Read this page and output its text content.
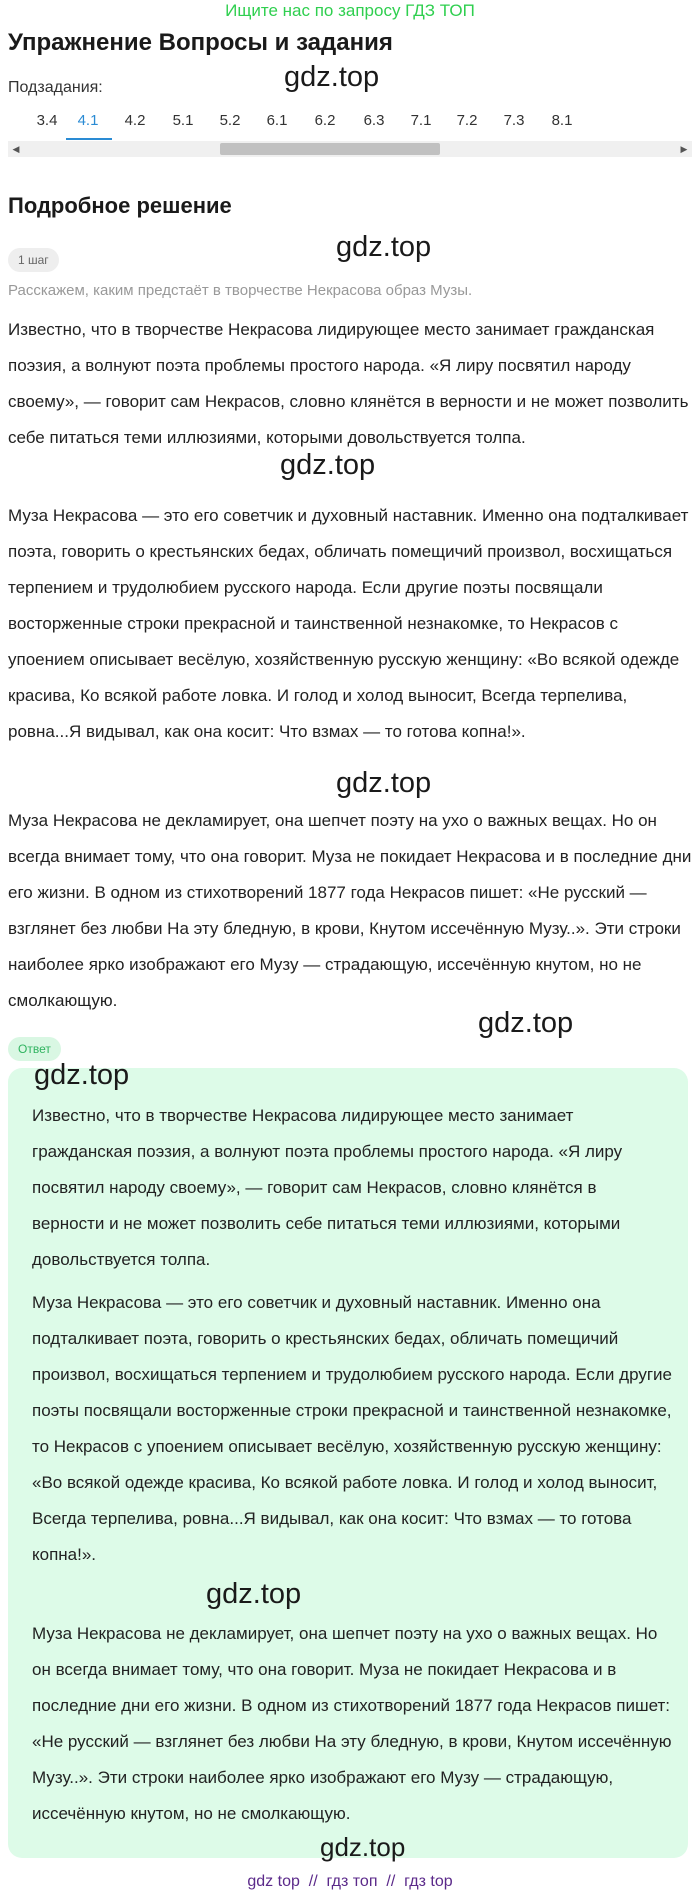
Ищите нас по запросу ГДЗ ТОП
Упражнение Вопросы и задания
Подзадания:
3.4	4.1	4.2	5.1	5.2	6.1	6.2	6.3	7.1	7.2	7.3	8.1
◀	▶
gdz.top
Подробное решение
1 шаг	gdz.top
Расскажем, каким предстаёт в творчестве Некрасова образ Музы.

Известно, что в творчестве Некрасова лидирующее место занимает гражданская поэзия, а волнуют поэта проблемы простого народа. «Я лиру посвятил народу своему», — говорит сам Некрасов, словно клянётся в верности и не может позволить себе питаться теми иллюзиями, которыми довольствуется толпа.

gdz.top

Муза Некрасова — это его советчик и духовный наставник. Именно она подталкивает поэта, говорить о крестьянских бедах, обличать помещичий произвол, восхищаться терпением и трудолюбием русского народа. Если другие поэты посвящали восторженные строки прекрасной и таинственной незнакомке, то Некрасов с упоением описывает весёлую, хозяйственную русскую женщину: «Во всякой одежде красива, Ко всякой работе ловка. И голод и холод выносит, Всегда терпелива, ровна...Я видывал, как она косит: Что взмах — то готова копна!».

gdz.top

Муза Некрасова не декламирует, она шепчет поэту на ухо о важных вещах. Но он всегда внимает тому, что она говорит. Муза не покидает Некрасова и в последние дни его жизни. В одном из стихотворений 1877 года Некрасов пишет: «Не русский — взглянет без любви На эту бледную, в крови, Кнутом иссечённую Музу..». Эти строки наиболее ярко изображают его Музу — страдающую, иссечённую кнутом, но не смолкающую.

gdz.top
Ответ
gdz.top

Известно, что в творчестве Некрасова лидирующее место занимает гражданская поэзия, а волнуют поэта проблемы простого народа. «Я лиру посвятил народу своему», — говорит сам Некрасов, словно клянётся в верности и не может позволить себе питаться теми иллюзиями, которыми довольствуется толпа.

Муза Некрасова — это его советчик и духовный наставник. Именно она подталкивает поэта, говорить о крестьянских бедах, обличать помещичий произвол, восхищаться терпением и трудолюбием русского народа. Если другие поэты посвящали восторженные строки прекрасной и таинственной незнакомке, то Некрасов с упоением описывает весёлую, хозяйственную русскую женщину: «Во всякой одежде красива, Ко всякой работе ловка. И голод и холод выносит, Всегда терпелива, ровна...Я видывал, как она косит: Что взмах — то готова копна!».

gdz.top

Муза Некрасова не декламирует, она шепчет поэту на ухо о важных вещах. Но он всегда внимает тому, что она говорит. Муза не покидает Некрасова и в последние дни его жизни. В одном из стихотворений 1877 года Некрасов пишет: «Не русский — взглянет без любви На эту бледную, в крови, Кнутом иссечённую Музу..». Эти строки наиболее ярко изображают его Музу — страдающую, иссечённую кнутом, но не смолкающую.

gdz.top
gdz top  //  гдз топ  //  гдз top
